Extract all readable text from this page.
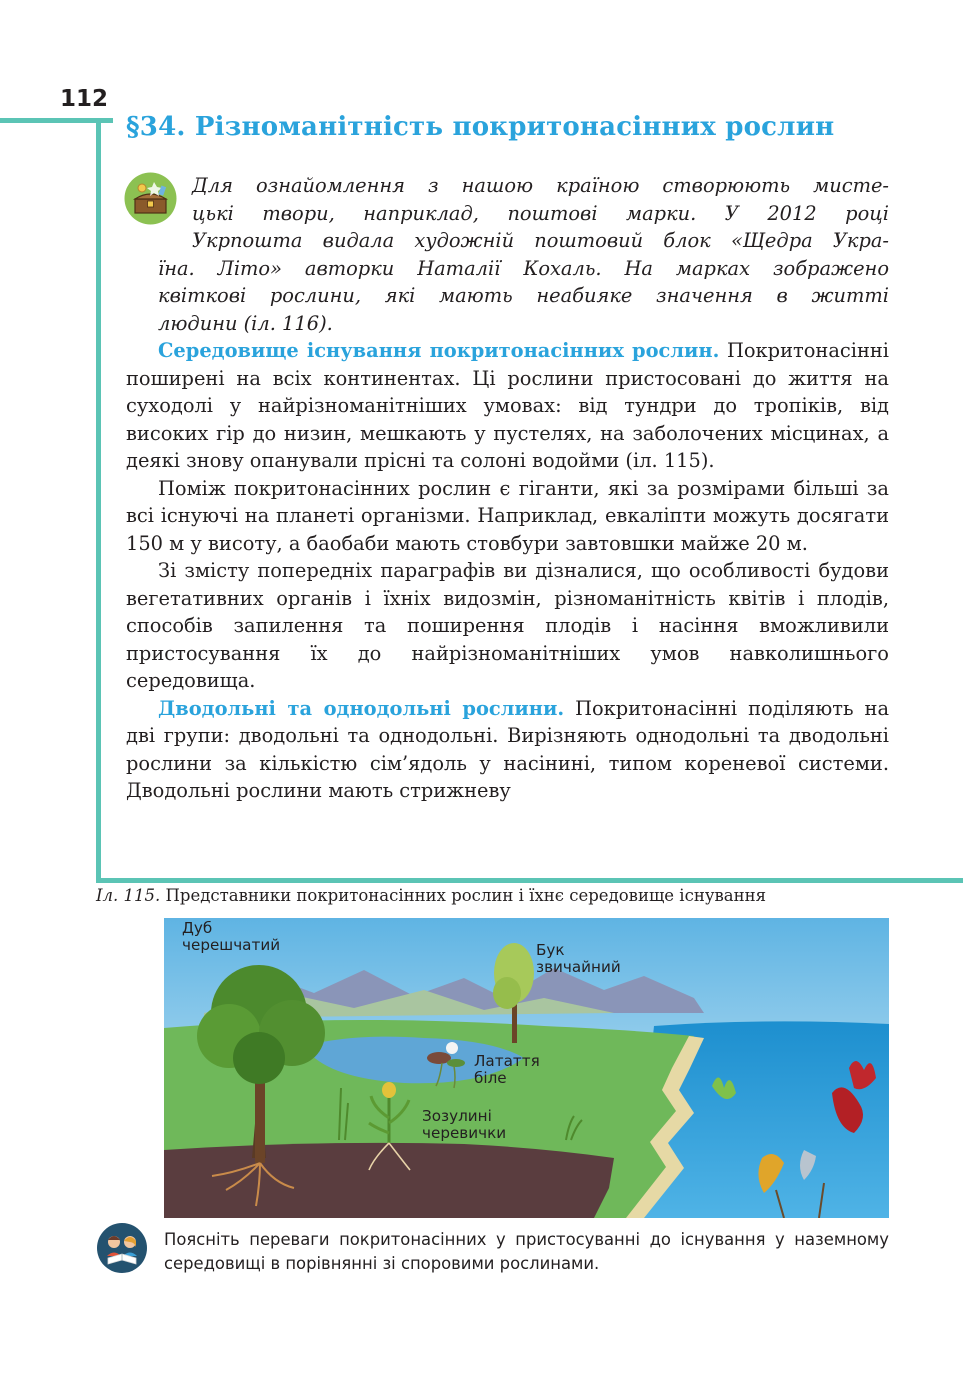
112
§34. Різноманітність покритонасінних рослин

Для ознайомлення з нашою країною створюють мисте-
цькі твори, наприклад, поштові марки. У 2012 році
Укрпошта видала художній поштовий блок «Щедра Укра-
їна. Літо» авторки Наталії Кохаль. На марках зображено
квіткові рослини, які мають неабияке значення в житті
людини (іл. 116).

Середовище існування покритонасінних рослин. Покритонасінні поширені на всіх континентах. Ці рослини пристосовані до життя на суходолі у найрізноманітніших умовах: від тундри до тропіків, від високих гір до низин, мешкають у пустелях, на заболочених місцинах, а деякі знову опанували прісні та солоні водойми (іл. 115).

Поміж покритонасінних рослин є гіганти, які за розмірами більші за всі існуючі на планеті організми. Наприклад, евкаліпти можуть досягати 150 м у висоту, а баобаби мають стовбури завтовшки майже 20 м.

Зі змісту попередніх параграфів ви дізналися, що особливості будови вегетативних органів і їхніх видозмін, різноманітність квітів і плодів, способів запилення та поширення плодів і насіння вможливили пристосування їх до найрізноманітніших умов навколишнього середовища.

Дводольні та однодольні рослини. Покритонасінні поділяють на дві групи: дводольні та однодольні. Вирізняють однодольні та дводольні рослини за кількістю сім’ядоль у насінині, типом кореневої системи. Дводольні рослини мають стрижневу

Іл. 115. Представники покритонасінних рослин і їхнє середовище існування
Дуб
черешчатий	Бук
звичайний
Латаття
біле
Зозулині
черевички
Поясніть переваги покритонасінних у пристосуванні до існування у наземному середовищі в порівнянні зі споровими рослинами.
